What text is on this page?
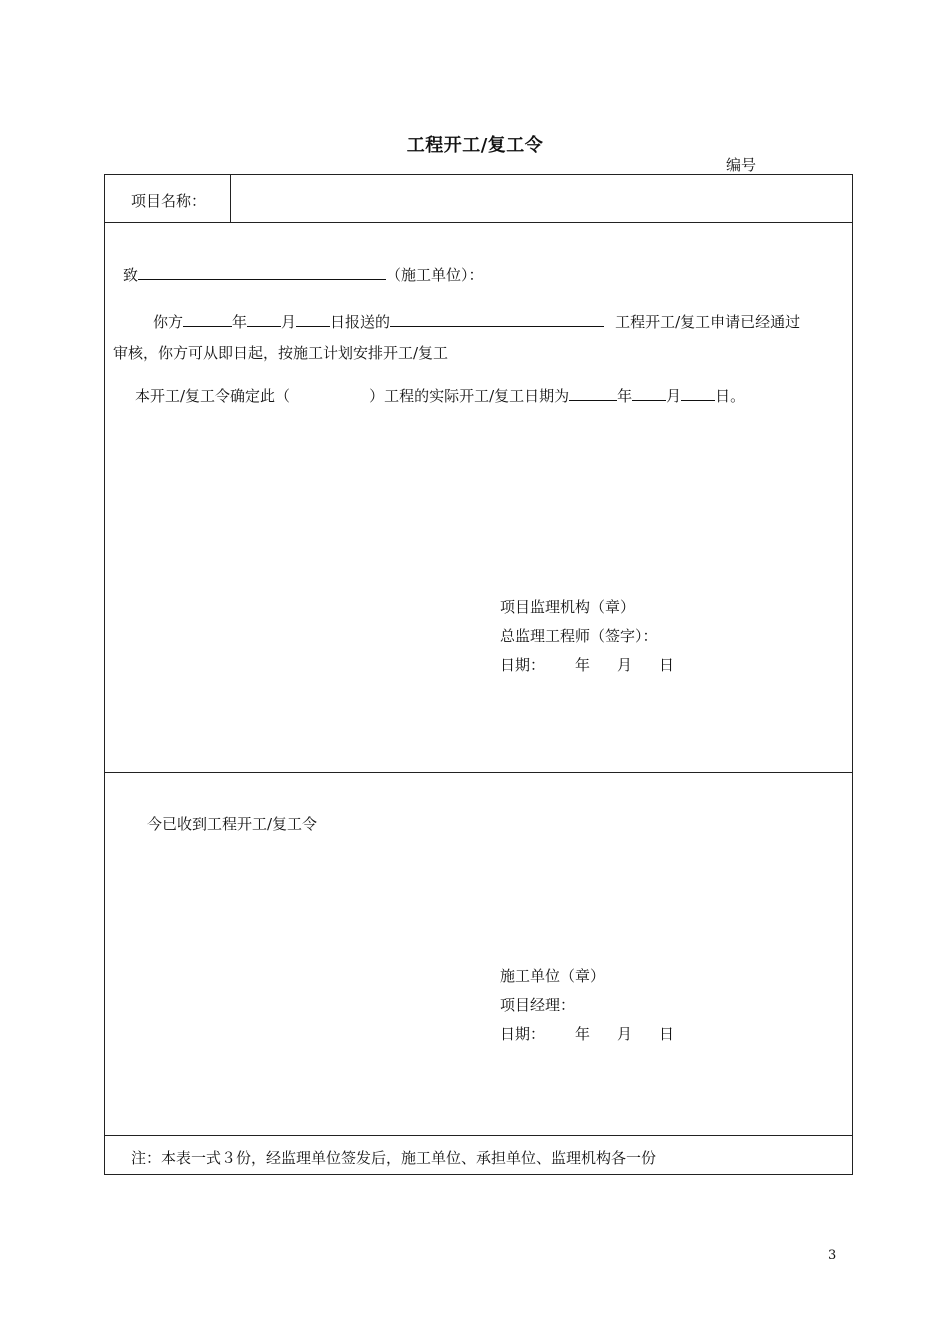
工程开工/复工令
编号
项目名称：
致	（施工单位）：
你方	年 月 日报送的	工程开工/复工申请已经通过
审核，你方可从即日起，按施工计划安排开工/复工
本开工/复工令确定此（	）工程的实际开工/复工日期为	年 月 日。
项目监理机构（章）
总监理工程师（签字）：
日期： 年 月 日
今已收到工程开工/复工令
施工单位（章）
项目经理：
日期： 年 月 日
注：本表一式３份，经监理单位签发后，施工单位、承担单位、监理机构各一份
3
